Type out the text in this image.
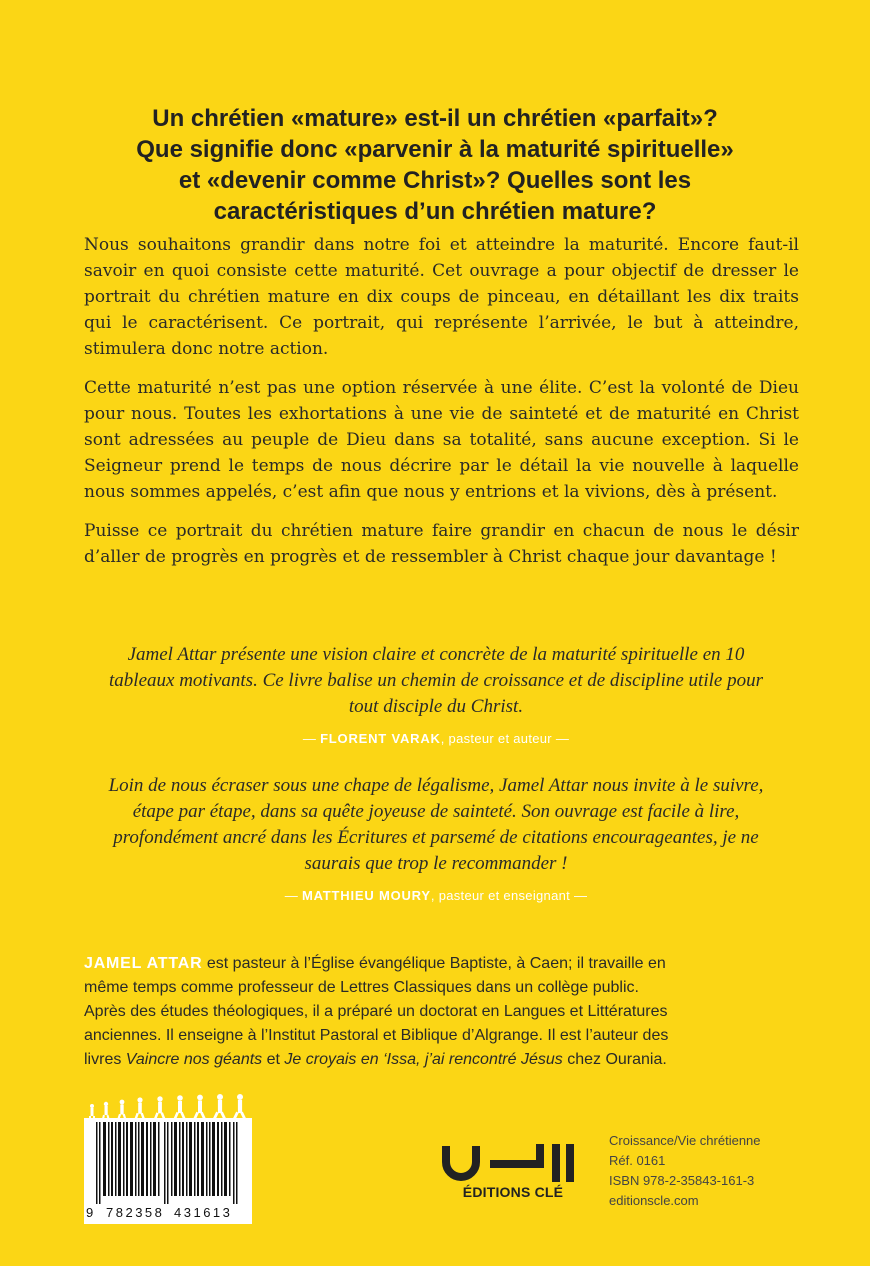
Un chrétien «mature» est-il un chrétien «parfait»?
Que signifie donc «parvenir à la maturité spirituelle»
et «devenir comme Christ»? Quelles sont les
caractéristiques d’un chrétien mature?

Nous souhaitons grandir dans notre foi et atteindre la maturité. Encore faut-il savoir en quoi consiste cette maturité. Cet ouvrage a pour objectif de dresser le portrait du chrétien mature en dix coups de pinceau, en détaillant les dix traits qui le caractérisent. Ce portrait, qui représente l’arrivée, le but à atteindre, stimulera donc notre action.

Cette maturité n’est pas une option réservée à une élite. C’est la volonté de Dieu pour nous. Toutes les exhortations à une vie de sainteté et de maturité en Christ sont adressées au peuple de Dieu dans sa totalité, sans aucune exception. Si le Seigneur prend le temps de nous décrire par le détail la vie nouvelle à laquelle nous sommes appelés, c’est afin que nous y entrions et la vivions, dès à présent.

Puisse ce portrait du chrétien mature faire grandir en chacun de nous le désir d’aller de progrès en progrès et de ressembler à Christ chaque jour davantage !

Jamel Attar présente une vision claire et concrète de la maturité spirituelle en 10 tableaux motivants. Ce livre balise un chemin de croissance et de discipline utile pour tout disciple du Christ.
— FLORENT VARAK, pasteur et auteur —
Loin de nous écraser sous une chape de légalisme, Jamel Attar nous invite à le suivre, étape par étape, dans sa quête joyeuse de sainteté. Son ouvrage est facile à lire, profondément ancré dans les Écritures et parsemé de citations encourageantes, je ne saurais que trop le recommander !
— MATTHIEU MOURY, pasteur et enseignant —
JAMEL ATTAR est pasteur à l’Église évangélique Baptiste, à Caen; il travaille en
même temps comme professeur de Lettres Classiques dans un collège public.
Après des études théologiques, il a préparé un doctorat en Langues et Littératures
anciennes. Il enseigne à l’Institut Pastoral et Biblique d’Algrange. Il est l’auteur des
livres Vaincre nos géants et Je croyais en ‘Issa, j’ai rencontré Jésus chez Ourania.
9 782358 431613
ÉDITIONS CLÉ
Croissance/Vie chrétienne
Réf. 0161
ISBN 978-2-35843-161-3
editionscle.com
